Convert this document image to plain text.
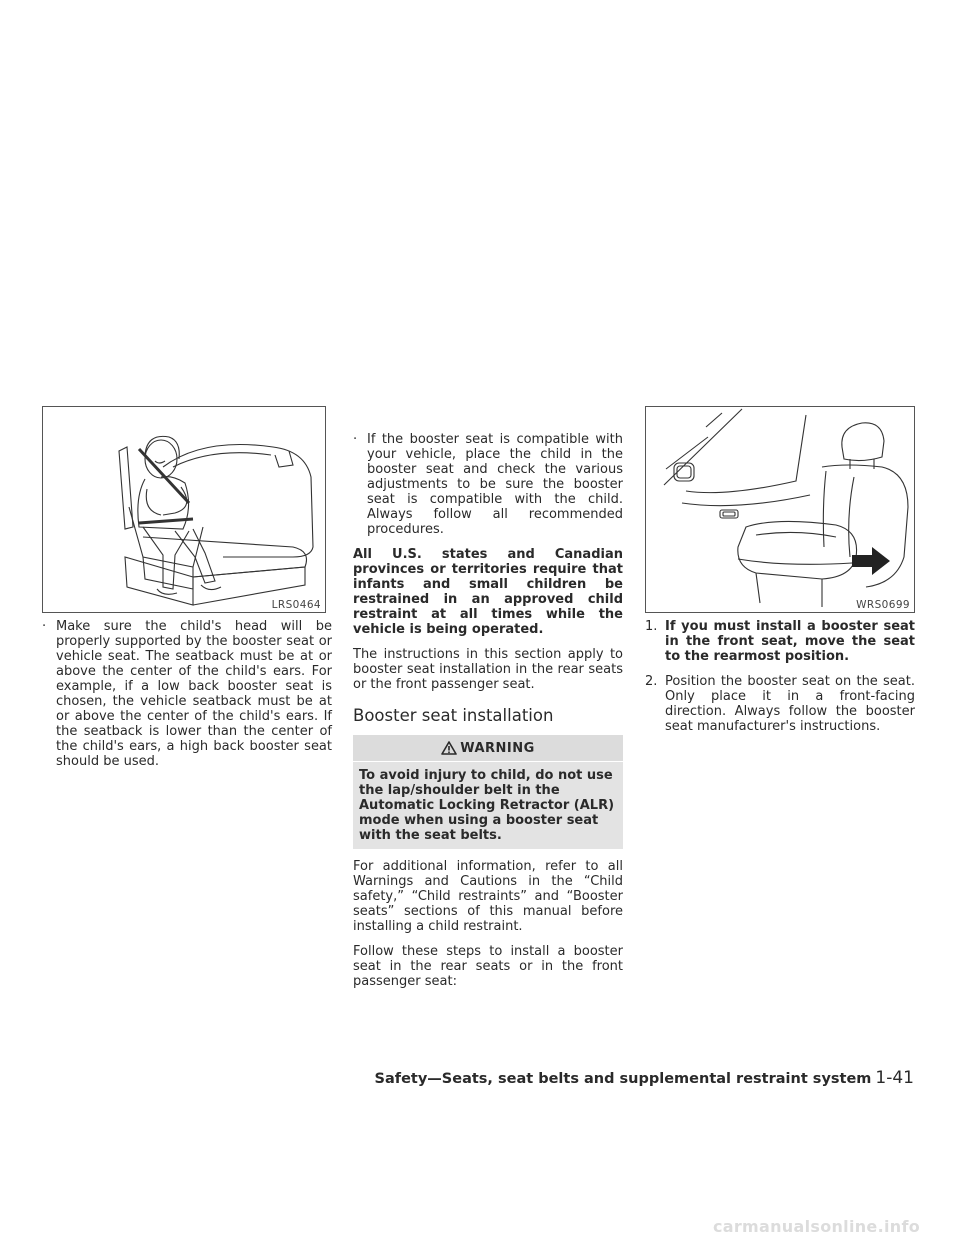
LRS0464

· Make sure the child's head will be properly supported by the booster seat or vehicle seat. The seatback must be at or above the center of the child's ears. For example, if a low back booster seat is chosen, the vehicle seatback must be at or above the center of the child's ears. If the seatback is lower than the center of the child's ears, a high back booster seat should be used.

· If the booster seat is compatible with your vehicle, place the child in the booster seat and check the various adjustments to be sure the booster seat is compatible with the child. Always follow all recommended procedures.

All U.S. states and Canadian provinces or territories require that infants and small children be restrained in an approved child restraint at all times while the vehicle is being operated.

The instructions in this section apply to booster seat installation in the rear seats or the front passenger seat.

Booster seat installation
WARNING
To avoid injury to child, do not use the lap/shoulder belt in the Automatic Locking Retractor (ALR) mode when using a booster seat with the seat belts.

For additional information, refer to all Warnings and Cautions in the “Child safety,” “Child restraints” and “Booster seats” sections of this manual before installing a child restraint.

Follow these steps to install a booster seat in the rear seats or in the front passenger seat:

WRS0699

1. If you must install a booster seat in the front seat, move the seat to the rearmost position.

2. Position the booster seat on the seat. Only place it in a front-facing direction. Always follow the booster seat manufacturer's instructions.

Safety—Seats, seat belts and supplemental restraint system 1-41
carmanualsonline.info
